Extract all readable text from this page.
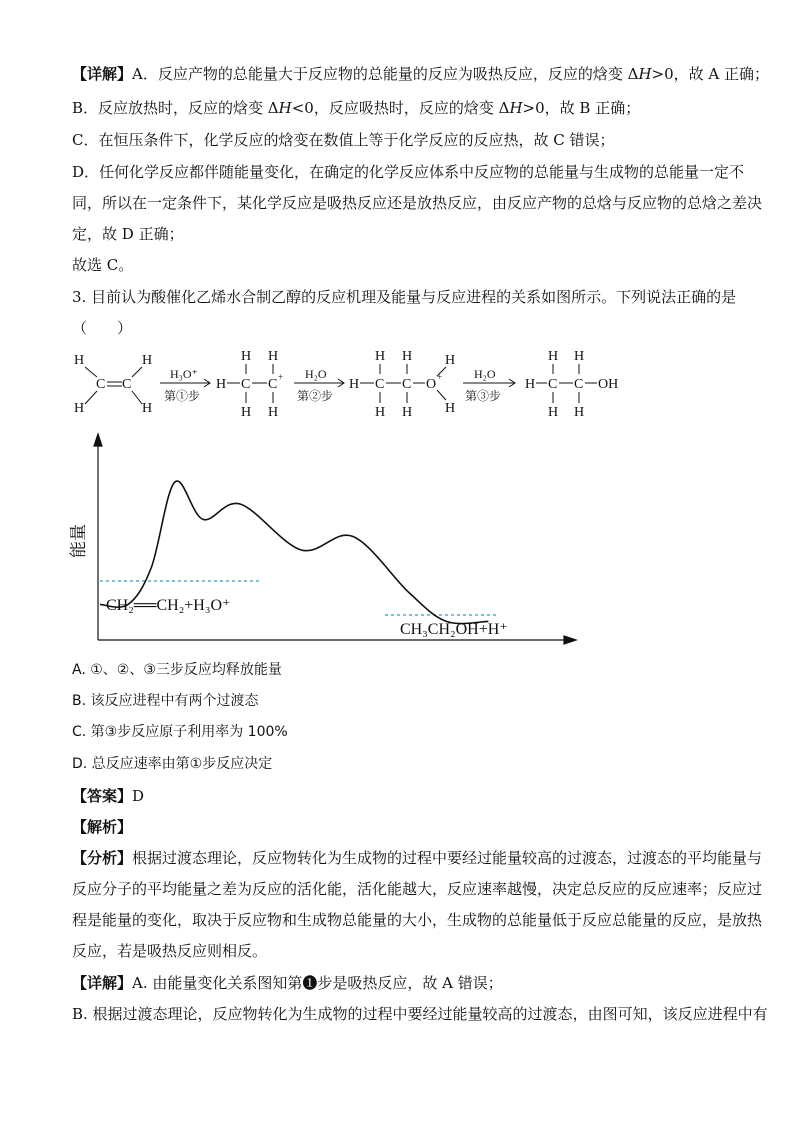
【详解】A．反应产物的总能量大于反应物的总能量的反应为吸热反应，反应的焓变 ΔH>0，故 A 正确；
B．反应放热时，反应的焓变 ΔH<0，反应吸热时，反应的焓变 ΔH>0，故 B 正确；
C．在恒压条件下，化学反应的焓变在数值上等于化学反应的反应热，故 C 错误；
D．任何化学反应都伴随能量变化，在确定的化学反应体系中反应物的总能量与生成物的总能量一定不
同，所以在一定条件下，某化学反应是吸热反应还是放热反应，由反应产物的总焓与反应物的总焓之差决
定，故 D 正确；
故选 C。
3. 目前认为酸催化乙烯水合制乙醇的反应机理及能量与反应进程的关系如图所示。下列说法正确的是
（　　）
H
H
C C
H
H
H C C +
H H
H H
H C C O +
H
H
H H
H H
H C C OH
H H
H H
H₃O⁺
第①步
H₂O
第②步
H₂O
第③步
能量
CH₂══CH₂+H₃O⁺
CH₃CH₂OH+H⁺
A. ①、②、③三步反应均释放能量
B. 该反应进程中有两个过渡态
C. 第③步反应原子利用率为 100%
D. 总反应速率由第①步反应决定
【答案】D
【解析】
【分析】根据过渡态理论，反应物转化为生成物的过程中要经过能量较高的过渡态，过渡态的平均能量与
反应分子的平均能量之差为反应的活化能，活化能越大，反应速率越慢，决定总反应的反应速率；反应过
程是能量的变化，取决于反应物和生成物总能量的大小，生成物的总能量低于反应总能量的反应，是放热
反应，若是吸热反应则相反。
【详解】A. 由能量变化关系图知第❶步是吸热反应，故 A 错误；
B. 根据过渡态理论，反应物转化为生成物的过程中要经过能量较高的过渡态，由图可知，该反应进程中有
